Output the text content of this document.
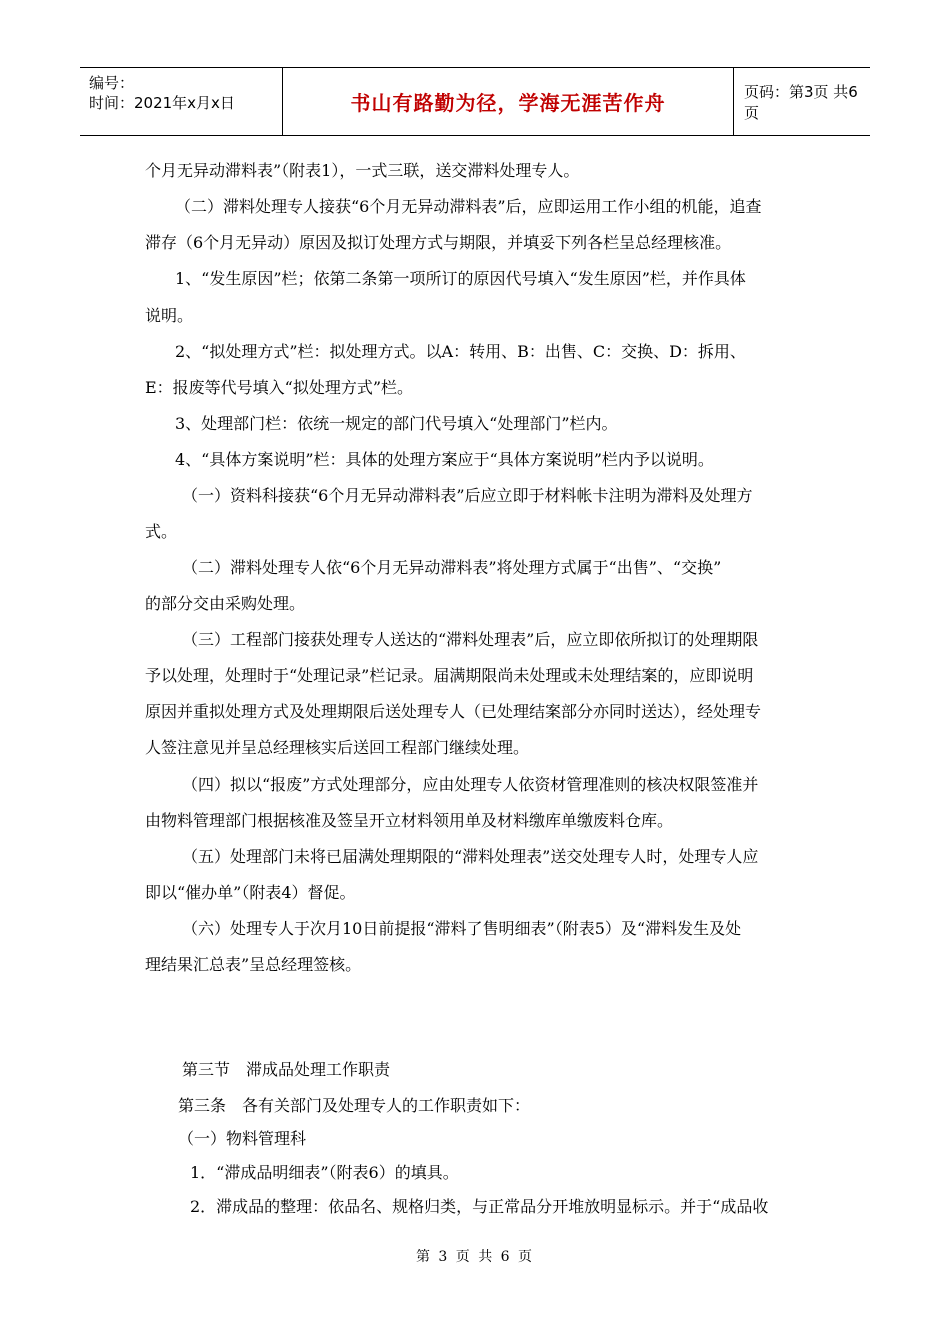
编号：
时间：2021年x月x日	书山有路勤为径，学海无涯苦作舟	页码：第3页 共6页
个月无异动滞料表”（附表1），一式三联，送交滞料处理专人。
（二）滞料处理专人接获“6个月无异动滞料表”后，应即运用工作小组的机能，追查
滞存（6个月无异动）原因及拟订处理方式与期限，并填妥下列各栏呈总经理核准。
1、“发生原因”栏；依第二条第一项所订的原因代号填入“发生原因”栏，并作具体
说明。
2、“拟处理方式”栏：拟处理方式。以A：转用、B：出售、C：交换、D：拆用、
E：报废等代号填入“拟处理方式”栏。
3、处理部门栏：依统一规定的部门代号填入“处理部门”栏内。
4、“具体方案说明”栏：具体的处理方案应于“具体方案说明”栏内予以说明。
（一）资料科接获“6个月无异动滞料表”后应立即于材料帐卡注明为滞料及处理方
式。
（二）滞料处理专人依“6个月无异动滞料表”将处理方式属于“出售”、“交换”
的部分交由采购处理。
（三）工程部门接获处理专人送达的“滞料处理表”后，应立即依所拟订的处理期限
予以处理，处理时于“处理记录”栏记录。届满期限尚未处理或未处理结案的，应即说明
原因并重拟处理方式及处理期限后送处理专人（已处理结案部分亦同时送达），经处理专
人签注意见并呈总经理核实后送回工程部门继续处理。
（四）拟以“报废”方式处理部分，应由处理专人依资材管理准则的核决权限签准并
由物料管理部门根据核准及签呈开立材料领用单及材料缴库单缴废料仓库。
（五）处理部门未将已届满处理期限的“滞料处理表”送交处理专人时，处理专人应
即以“催办单”（附表4）督促。
（六）处理专人于次月10日前提报“滞料了售明细表”（附表5）及“滞料发生及处
理结果汇总表”呈总经理签核。
第三节　滞成品处理工作职责
第三条　各有关部门及处理专人的工作职责如下：
（一）物料管理科
1．“滞成品明细表”（附表6）的填具。
2．滞成品的整理：依品名、规格归类，与正常品分开堆放明显标示。并于“成品收
第 3 页 共 6 页
